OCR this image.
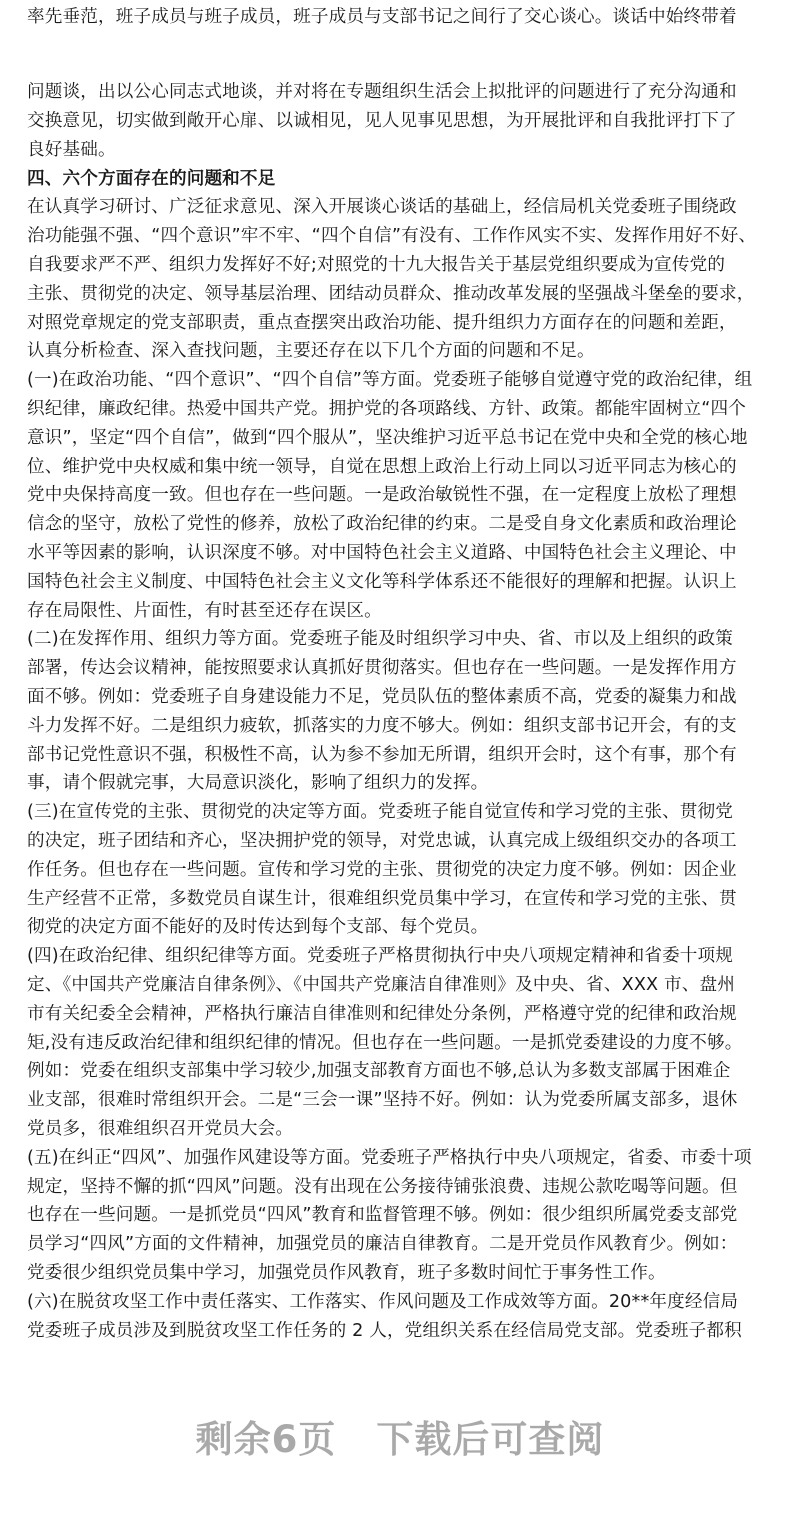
率先垂范，班子成员与班子成员，班子成员与支部书记之间行了交心谈心。谈话中始终带着
问题谈，出以公心同志式地谈，并对将在专题组织生活会上拟批评的问题进行了充分沟通和
交换意见，切实做到敞开心扉、以诚相见，见人见事见思想，为开展批评和自我批评打下了
良好基础。
四、六个方面存在的问题和不足
在认真学习研讨、广泛征求意见、深入开展谈心谈话的基础上，经信局机关党委班子围绕政
治功能强不强、“四个意识”牢不牢、“四个自信”有没有、工作作风实不实、发挥作用好不好、
自我要求严不严、组织力发挥好不好;对照党的十九大报告关于基层党组织要成为宣传党的
主张、贯彻党的决定、领导基层治理、团结动员群众、推动改革发展的坚强战斗堡垒的要求，
对照党章规定的党支部职责，重点查摆突出政治功能、提升组织力方面存在的问题和差距，
认真分析检查、深入查找问题，主要还存在以下几个方面的问题和不足。
(一)在政治功能、“四个意识”、“四个自信”等方面。党委班子能够自觉遵守党的政治纪律，组
织纪律，廉政纪律。热爱中国共产党。拥护党的各项路线、方针、政策。都能牢固树立“四个
意识”，坚定“四个自信”，做到“四个服从”，坚决维护习近平总书记在党中央和全党的核心地
位、维护党中央权威和集中统一领导，自觉在思想上政治上行动上同以习近平同志为核心的
党中央保持高度一致。但也存在一些问题。一是政治敏锐性不强，在一定程度上放松了理想
信念的坚守，放松了党性的修养，放松了政治纪律的约束。二是受自身文化素质和政治理论
水平等因素的影响，认识深度不够。对中国特色社会主义道路、中国特色社会主义理论、中
国特色社会主义制度、中国特色社会主义文化等科学体系还不能很好的理解和把握。认识上
存在局限性、片面性，有时甚至还存在误区。
(二)在发挥作用、组织力等方面。党委班子能及时组织学习中央、省、市以及上组织的政策
部署，传达会议精神，能按照要求认真抓好贯彻落实。但也存在一些问题。一是发挥作用方
面不够。例如：党委班子自身建设能力不足，党员队伍的整体素质不高，党委的凝集力和战
斗力发挥不好。二是组织力疲软，抓落实的力度不够大。例如：组织支部书记开会，有的支
部书记党性意识不强，积极性不高，认为参不参加无所谓，组织开会时，这个有事，那个有
事，请个假就完事，大局意识淡化，影响了组织力的发挥。
(三)在宣传党的主张、贯彻党的决定等方面。党委班子能自觉宣传和学习党的主张、贯彻党
的决定，班子团结和齐心，坚决拥护党的领导，对党忠诚，认真完成上级组织交办的各项工
作任务。但也存在一些问题。宣传和学习党的主张、贯彻党的决定力度不够。例如：因企业
生产经营不正常，多数党员自谋生计，很难组织党员集中学习，在宣传和学习党的主张、贯
彻党的决定方面不能好的及时传达到每个支部、每个党员。
(四)在政治纪律、组织纪律等方面。党委班子严格贯彻执行中央八项规定精神和省委十项规
定、《中国共产党廉洁自律条例》、《中国共产党廉洁自律准则》及中央、省、XXX 市、盘州
市有关纪委全会精神，严格执行廉洁自律准则和纪律处分条例，严格遵守党的纪律和政治规
矩,没有违反政治纪律和组织纪律的情况。但也存在一些问题。一是抓党委建设的力度不够。
例如：党委在组织支部集中学习较少,加强支部教育方面也不够,总认为多数支部属于困难企
业支部，很难时常组织开会。二是“三会一课”坚持不好。例如：认为党委所属支部多，退休
党员多，很难组织召开党员大会。
(五)在纠正“四风”、加强作风建设等方面。党委班子严格执行中央八项规定，省委、市委十项
规定，坚持不懈的抓“四风”问题。没有出现在公务接待铺张浪费、违规公款吃喝等问题。但
也存在一些问题。一是抓党员“四风”教育和监督管理不够。例如：很少组织所属党委支部党
员学习“四风”方面的文件精神，加强党员的廉洁自律教育。二是开党员作风教育少。例如：
党委很少组织党员集中学习，加强党员作风教育，班子多数时间忙于事务性工作。
(六)在脱贫攻坚工作中责任落实、工作落实、作风问题及工作成效等方面。20**年度经信局
党委班子成员涉及到脱贫攻坚工作任务的 2 人，党组织关系在经信局党支部。党委班子都积
剩余6页 下载后可查阅
